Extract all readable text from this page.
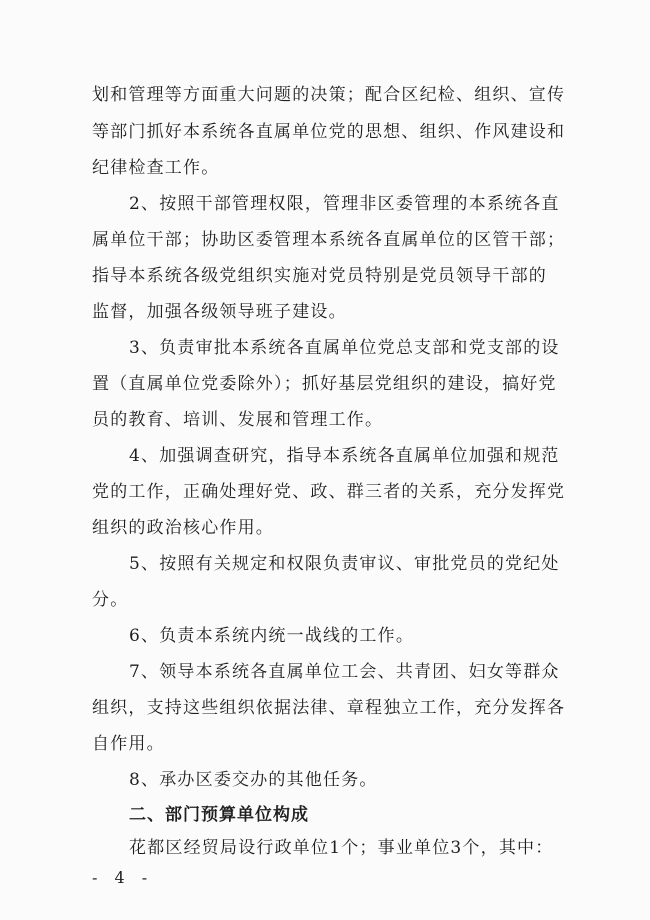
划和管理等方面重大问题的决策；配合区纪检、组织、宣传
等部门抓好本系统各直属单位党的思想、组织、作风建设和
纪律检查工作。
2、按照干部管理权限，管理非区委管理的本系统各直
属单位干部；协助区委管理本系统各直属单位的区管干部；
指导本系统各级党组织实施对党员特别是党员领导干部的
监督，加强各级领导班子建设。
3、负责审批本系统各直属单位党总支部和党支部的设
置（直属单位党委除外）；抓好基层党组织的建设，搞好党
员的教育、培训、发展和管理工作。
4、加强调查研究，指导本系统各直属单位加强和规范
党的工作，正确处理好党、政、群三者的关系，充分发挥党
组织的政治核心作用。
5、按照有关规定和权限负责审议、审批党员的党纪处
分。
6、负责本系统内统一战线的工作。
7、领导本系统各直属单位工会、共青团、妇女等群众
组织，支持这些组织依据法律、章程独立工作，充分发挥各
自作用。
8、承办区委交办的其他任务。
二、部门预算单位构成
花都区经贸局设行政单位1个；事业单位3个，其中：
- 4 -
